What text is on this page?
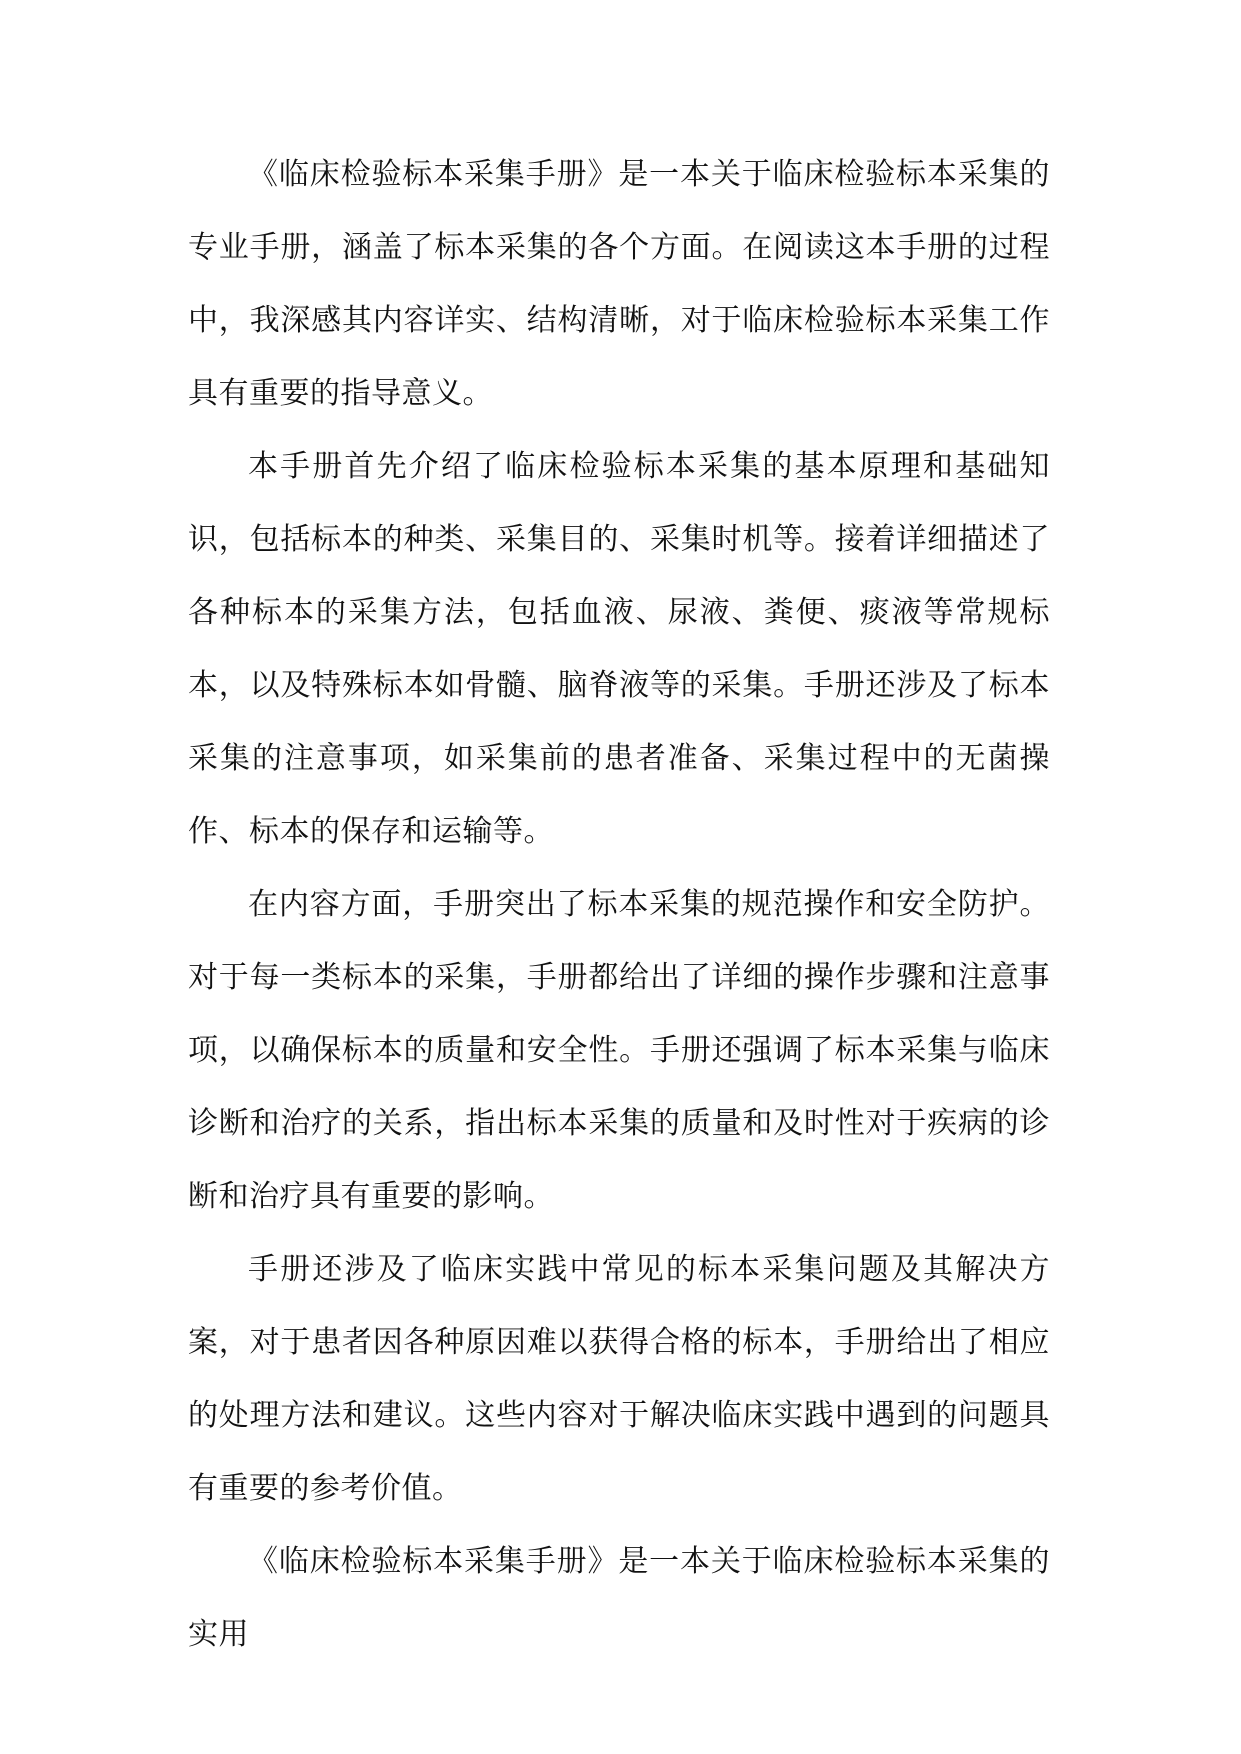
《临床检验标本采集手册》是一本关于临床检验标本采集的专业手册，涵盖了标本采集的各个方面。在阅读这本手册的过程中，我深感其内容详实、结构清晰，对于临床检验标本采集工作具有重要的指导意义。

本手册首先介绍了临床检验标本采集的基本原理和基础知识，包括标本的种类、采集目的、采集时机等。接着详细描述了各种标本的采集方法，包括血液、尿液、粪便、痰液等常规标本，以及特殊标本如骨髓、脑脊液等的采集。手册还涉及了标本采集的注意事项，如采集前的患者准备、采集过程中的无菌操作、标本的保存和运输等。

在内容方面，手册突出了标本采集的规范操作和安全防护。对于每一类标本的采集，手册都给出了详细的操作步骤和注意事项，以确保标本的质量和安全性。手册还强调了标本采集与临床诊断和治疗的关系，指出标本采集的质量和及时性对于疾病的诊断和治疗具有重要的影响。

手册还涉及了临床实践中常见的标本采集问题及其解决方案，对于患者因各种原因难以获得合格的标本，手册给出了相应的处理方法和建议。这些内容对于解决临床实践中遇到的问题具有重要的参考价值。

《临床检验标本采集手册》是一本关于临床检验标本采集的实用
